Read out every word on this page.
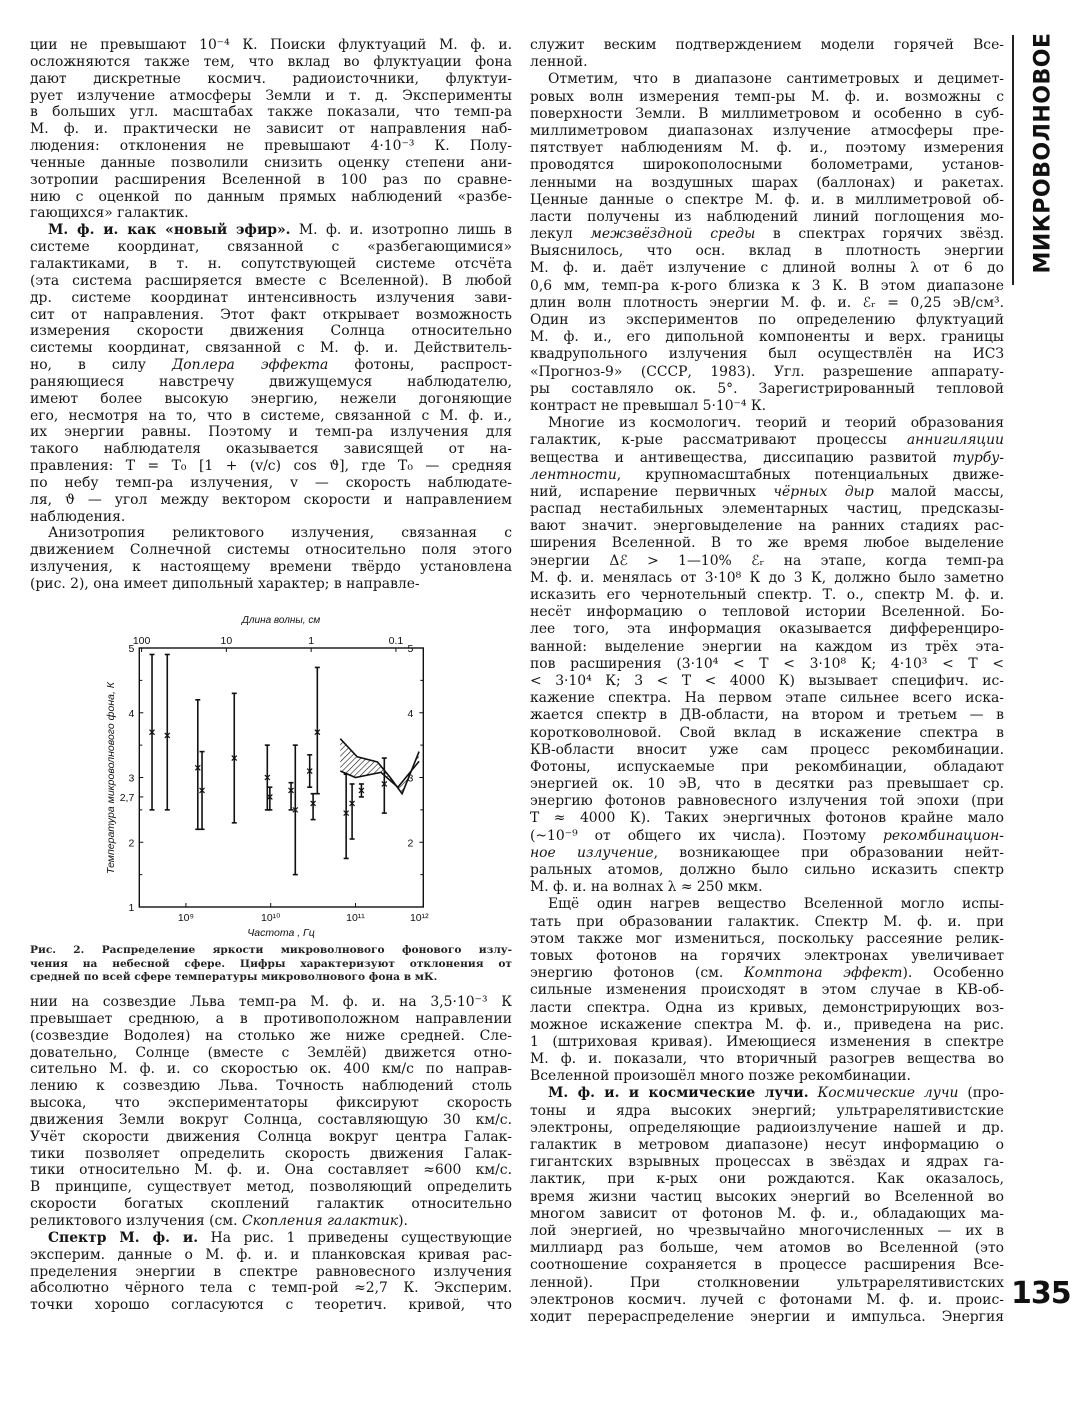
ции не превышают 10⁻⁴ К. Поиски флуктуаций М. ф. и.
осложняются также тем, что вклад во флуктуации фона
дают дискретные космич. радиоисточники, флуктуи-
рует излучение атмосферы Земли и т. д. Эксперименты
в больших угл. масштабах также показали, что темп-ра
М. ф. и. практически не зависит от направления наб-
людения: отклонения не превышают 4·10⁻³ К. Полу-
ченные данные позволили снизить оценку степени ани-
зотропии расширения Вселенной в 100 раз по сравне-
нию с оценкой по данным прямых наблюдений «разбе-
гающихся» галактик.
М. ф. и. как «новый эфир». М. ф. и. изотропно лишь в
системе координат, связанной с «разбегающимися»
галактиками, в т. н. сопутствующей системе отсчёта
(эта система расширяется вместе с Вселенной). В любой
др. системе координат интенсивность излучения зави-
сит от направления. Этот факт открывает возможность
измерения скорости движения Солнца относительно
системы координат, связанной с М. ф. и. Действитель-
но, в силу Доплера эффекта фотоны, распрост-
раняющиеся навстречу движущемуся наблюдателю,
имеют более высокую энергию, нежели догоняющие
его, несмотря на то, что в системе, связанной с М. ф. и.,
их энергии равны. Поэтому и темп-ра излучения для
такого наблюдателя оказывается зависящей от на-
правления: T = T₀ [1 + (v/c) cos ϑ], где T₀ — средняя
по небу темп-ра излучения, v — скорость наблюдате-
ля, ϑ — угол между вектором скорости и направлением
наблюдения.
Анизотропия реликтового излучения, связанная с
движением Солнечной системы относительно поля этого
излучения, к настоящему времени твёрдо установлена
(рис. 2), она имеет дипольный характер; в направле-
10⁹	10¹⁰	10¹¹	10¹²
100	10	1	0.1
5
4
3
2,7
2
1
5
4
3
2
Длина волны, см
Частота , Гц
Температура микроволнового фона, К
Рис. 2. Распределение яркости микроволнового фонового излу-
чения на небесной сфере. Цифры характеризуют отклонения от
средней по всей сфере температуры микроволнового фона в мК.
нии на созвездие Льва темп-ра М. ф. и. на 3,5·10⁻³ К
превышает среднюю, а в противоположном направлении
(созвездие Водолея) на столько же ниже средней. Сле-
довательно, Солнце (вместе с Землёй) движется отно-
сительно М. ф. и. со скоростью ок. 400 км/с по направ-
лению к созвездию Льва. Точность наблюдений столь
высока, что экспериментаторы фиксируют скорость
движения Земли вокруг Солнца, составляющую 30 км/с.
Учёт скорости движения Солнца вокруг центра Галак-
тики позволяет определить скорость движения Галак-
тики относительно М. ф. и. Она составляет ≈600 км/с.
В принципе, существует метод, позволяющий определить
скорости богатых скоплений галактик относительно
реликтового излучения (см. Скопления галактик).
Спектр М. ф. и. На рис. 1 приведены существующие
эксперим. данные о М. ф. и. и планковская кривая рас-
пределения энергии в спектре равновесного излучения
абсолютно чёрного тела с темп-рой ≈2,7 К. Эксперим.
точки хорошо согласуются с теоретич. кривой, что
служит веским подтверждением модели горячей Все-
ленной.
Отметим, что в диапазоне сантиметровых и децимет-
ровых волн измерения темп-ры М. ф. и. возможны с
поверхности Земли. В миллиметровом и особенно в суб-
миллиметровом диапазонах излучение атмосферы пре-
пятствует наблюдениям М. ф. и., поэтому измерения
проводятся широкополосными болометрами, установ-
ленными на воздушных шарах (баллонах) и ракетах.
Ценные данные о спектре М. ф. и. в миллиметровой об-
ласти получены из наблюдений линий поглощения мо-
лекул межзвёздной среды в спектрах горячих звёзд.
Выяснилось, что осн. вклад в плотность энергии
М. ф. и. даёт излучение с длиной волны λ от 6 до
0,6 мм, темп-ра к-рого близка к 3 К. В этом диапазоне
длин волн плотность энергии М. ф. и. ℰᵣ = 0,25 эВ/см³.
Один из экспериментов по определению флуктуаций
М. ф. и., его дипольной компоненты и верх. границы
квадрупольного излучения был осуществлён на ИСЗ
«Прогноз-9» (СССР, 1983). Угл. разрешение аппарату-
ры составляло ок. 5°. Зарегистрированный тепловой
контраст не превышал 5·10⁻⁴ К.
Многие из космологич. теорий и теорий образования
галактик, к-рые рассматривают процессы аннигиляции
вещества и антивещества, диссипацию развитой турбу-
лентности, крупномасштабных потенциальных движе-
ний, испарение первичных чёрных дыр малой массы,
распад нестабильных элементарных частиц, предсказы-
вают значит. энерговыделение на ранних стадиях рас-
ширения Вселенной. В то же время любое выделение
энергии Δℰ > 1—10% ℰᵣ на этапе, когда темп-ра
М. ф. и. менялась от 3·10⁸ К до 3 К, должно было заметно
исказить его чернотельный спектр. Т. о., спектр М. ф. и.
несёт информацию о тепловой истории Вселенной. Бо-
лее того, эта информация оказывается дифференциро-
ванной: выделение энергии на каждом из трёх эта-
пов расширения (3·10⁴ < T < 3·10⁸ К; 4·10³ < T <
< 3·10⁴ К; 3 < T < 4000 К) вызывает специфич. ис-
кажение спектра. На первом этапе сильнее всего иска-
жается спектр в ДВ-области, на втором и третьем — в
коротковолновой. Свой вклад в искажение спектра в
КВ-области вносит уже сам процесс рекомбинации.
Фотоны, испускаемые при рекомбинации, обладают
энергией ок. 10 эВ, что в десятки раз превышает ср.
энергию фотонов равновесного излучения той эпохи (при
T ≈ 4000 К). Таких энергичных фотонов крайне мало
(~10⁻⁹ от общего их числа). Поэтому рекомбинацион-
ное излучение, возникающее при образовании нейт-
ральных атомов, должно было сильно исказить спектр
М. ф. и. на волнах λ ≈ 250 мкм.
Ещё один нагрев вещество Вселенной могло испы-
тать при образовании галактик. Спектр М. ф. и. при
этом также мог измениться, поскольку рассеяние релик-
товых фотонов на горячих электронах увеличивает
энергию фотонов (см. Комптона эффект). Особенно
сильные изменения происходят в этом случае в КВ-об-
ласти спектра. Одна из кривых, демонстрирующих воз-
можное искажение спектра М. ф. и., приведена на рис.
1 (штриховая кривая). Имеющиеся изменения в спектре
М. ф. и. показали, что вторичный разогрев вещества во
Вселенной произошёл много позже рекомбинации.
М. ф. и. и космические лучи. Космические лучи (про-
тоны и ядра высоких энергий; ультрарелятивистские
электроны, определяющие радиоизлучение нашей и др.
галактик в метровом диапазоне) несут информацию о
гигантских взрывных процессах в звёздах и ядрах га-
лактик, при к-рых они рождаются. Как оказалось,
время жизни частиц высоких энергий во Вселенной во
многом зависит от фотонов М. ф. и., обладающих ма-
лой энергией, но чрезвычайно многочисленных — их в
миллиард раз больше, чем атомов во Вселенной (это
соотношение сохраняется в процессе расширения Все-
ленной). При столкновении ультрарелятивистских
электронов космич. лучей с фотонами М. ф. и. проис-
ходит перераспределение энергии и импульса. Энергия
МИКРОВОЛНОВОЕ
135
